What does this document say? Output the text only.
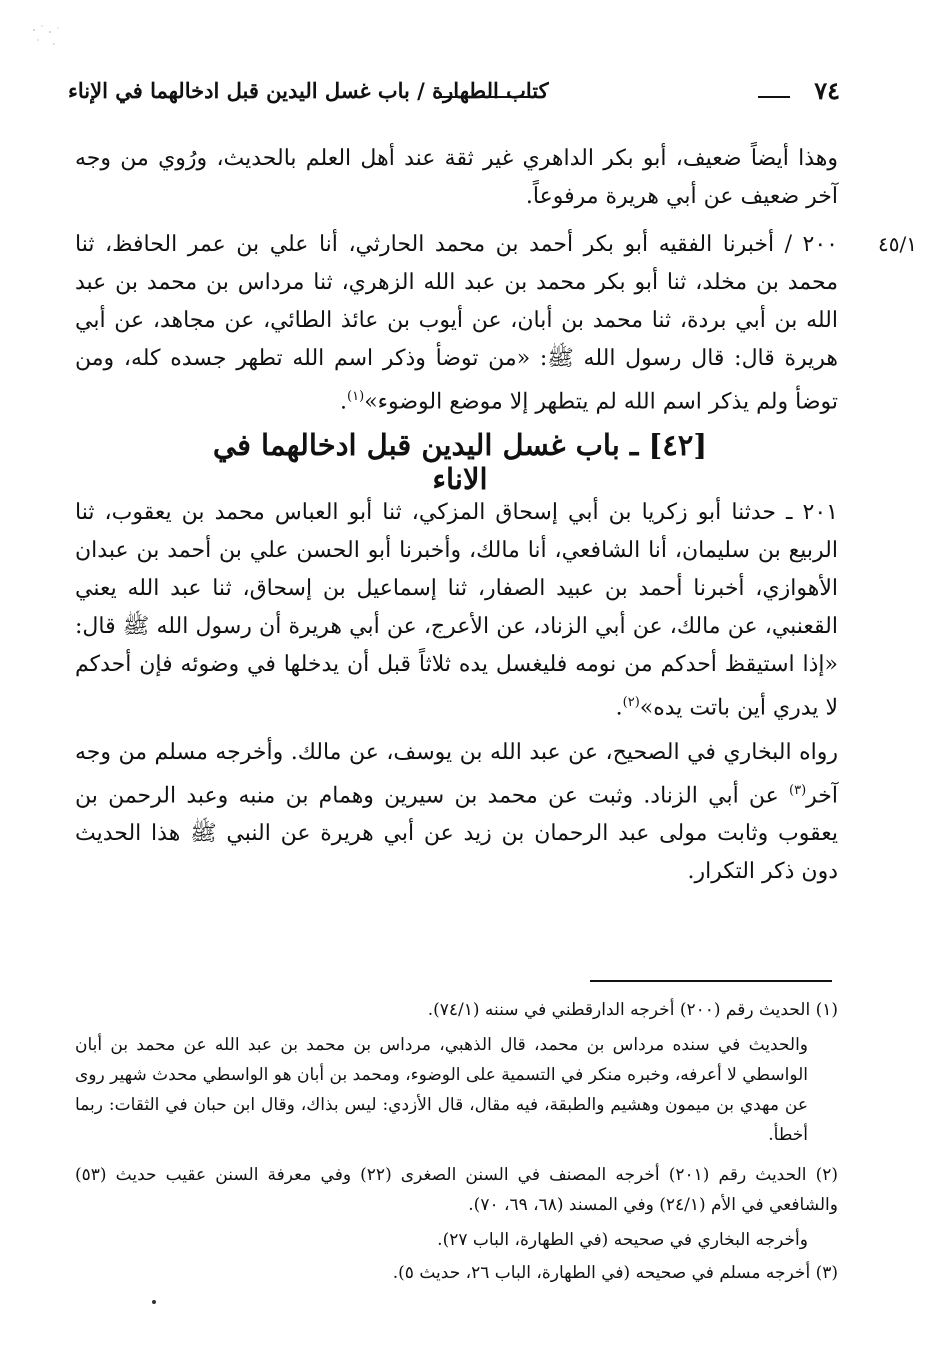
٧٤
كتاب الطهارة / باب غسل اليدين قبل ادخالهما في الإناء
وهذا أيضاً ضعيف، أبو بكر الداهري غير ثقة عند أهل العلم بالحديث، ورُوي من وجه آخر ضعيف عن أبي هريرة مرفوعاً.
٤٥/١
٢٠٠ / أخبرنا الفقيه أبو بكر أحمد بن محمد الحارثي، أنا علي بن عمر الحافظ، ثنا محمد بن مخلد، ثنا أبو بكر محمد بن عبد الله الزهري، ثنا مرداس بن محمد بن عبد الله بن أبي بردة، ثنا محمد بن أبان، عن أيوب بن عائذ الطائي، عن مجاهد، عن أبي هريرة قال: قال رسول الله ﷺ: «من توضأ وذكر اسم الله تطهر جسده كله، ومن توضأ ولم يذكر اسم الله لم يتطهر إلا موضع الوضوء»$^{(١)}$.
[٤٢] ـ باب غسل اليدين قبل ادخالهما في الاناء
٢٠١ ـ حدثنا أبو زكريا بن أبي إسحاق المزكي، ثنا أبو العباس محمد بن يعقوب، ثنا الربيع بن سليمان، أنا الشافعي، أنا مالك، وأخبرنا أبو الحسن علي بن أحمد بن عبدان الأهوازي، أخبرنا أحمد بن عبيد الصفار، ثنا إسماعيل بن إسحاق، ثنا عبد الله يعني القعنبي، عن مالك، عن أبي الزناد، عن الأعرج، عن أبي هريرة أن رسول الله ﷺ قال: «إذا استيقظ أحدكم من نومه فليغسل يده ثلاثاً قبل أن يدخلها في وضوئه فإن أحدكم لا يدري أين باتت يده»$^{(٢)}$.
رواه البخاري في الصحيح، عن عبد الله بن يوسف، عن مالك. وأخرجه مسلم من وجه آخر$^{(٣)}$ عن أبي الزناد. وثبت عن محمد بن سيرين وهمام بن منبه وعبد الرحمن بن يعقوب وثابت مولى عبد الرحمان بن زيد عن أبي هريرة عن النبي ﷺ هذا الحديث دون ذكر التكرار.
(١) الحديث رقم (٢٠٠) أخرجه الدارقطني في سننه (٧٤/١).
والحديث في سنده مرداس بن محمد، قال الذهبي، مرداس بن محمد بن عبد الله عن محمد بن أبان الواسطي لا أعرفه، وخبره منكر في التسمية على الوضوء، ومحمد بن أبان هو الواسطي محدث شهير روى عن مهدي بن ميمون وهشيم والطبقة، فيه مقال، قال الأزدي: ليس بذاك، وقال ابن حبان في الثقات: ربما أخطأ.
(٢) الحديث رقم (٢٠١) أخرجه المصنف في السنن الصغرى (٢٢) وفي معرفة السنن عقيب حديث (٥٣) والشافعي في الأم (٢٤/١) وفي المسند (٦٨، ٦٩، ٧٠).
وأخرجه البخاري في صحيحه (في الطهارة، الباب ٢٧).
(٣) أخرجه مسلم في صحيحه (في الطهارة، الباب ٢٦، حديث ٥).
